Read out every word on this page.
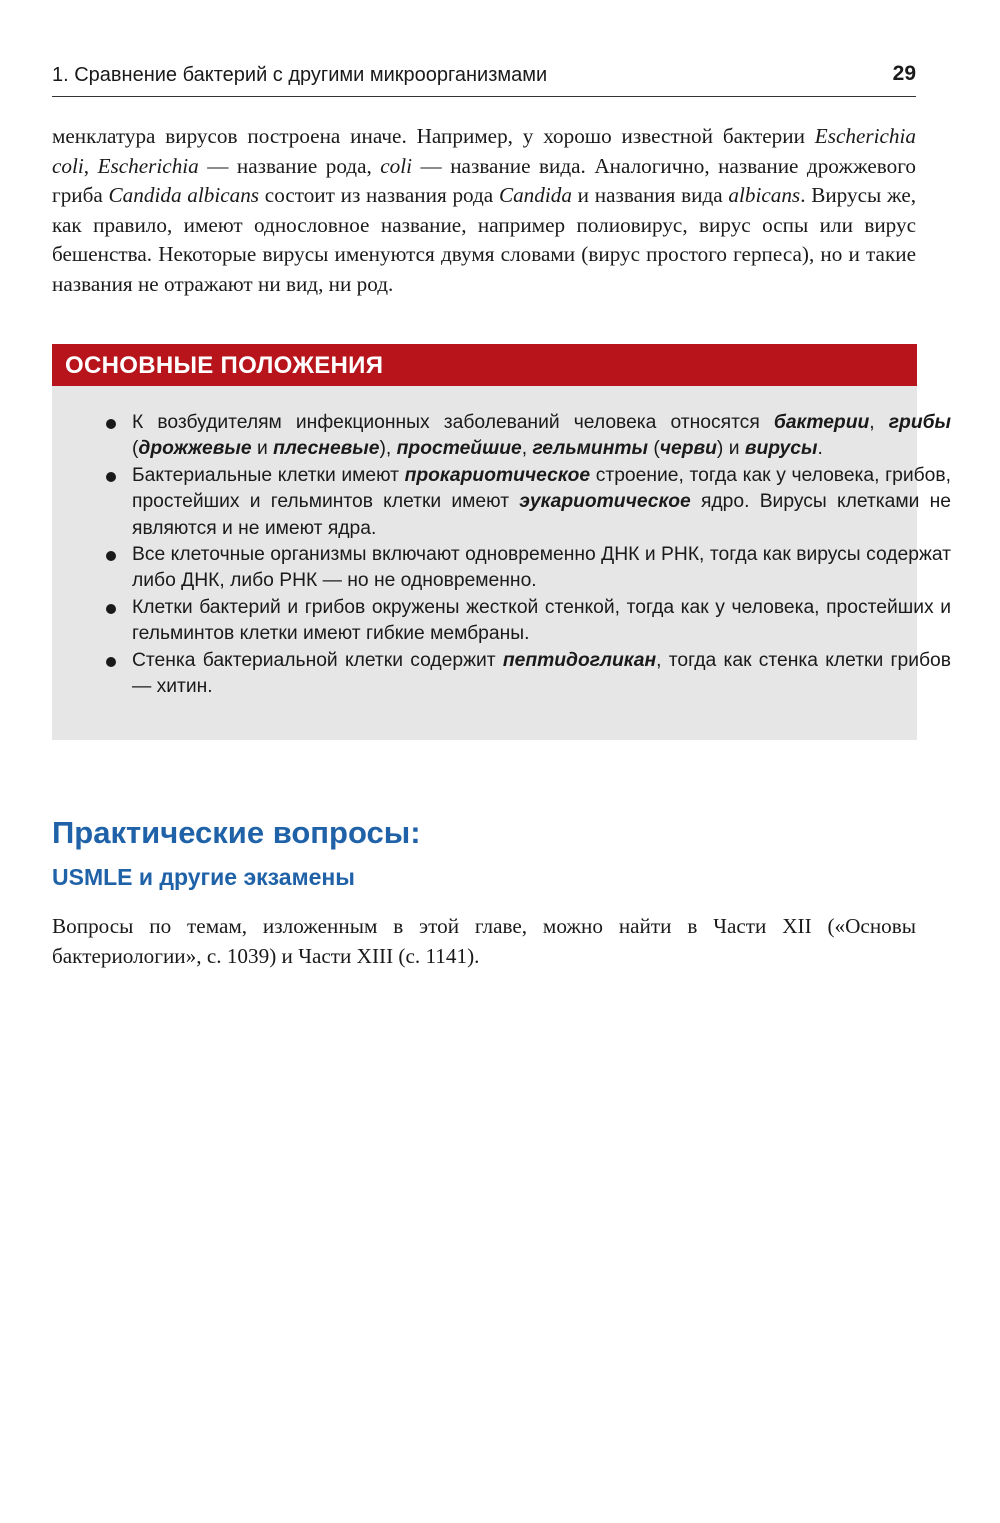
1. Сравнение бактерий с другими микроорганизмами	29

менклатура вирусов построена иначе. Например, у хорошо известной бактерии Escherichia coli, Escherichia — название рода, coli — название вида. Аналогично, название дрожжевого гриба Candida albicans состоит из названия рода Candida и названия вида albicans. Вирусы же, как правило, имеют однословное название, например полиовирус, вирус оспы или вирус бешенства. Некоторые вирусы именуются двумя словами (вирус простого герпеса), но и такие названия не отражают ни вид, ни род.

ОСНОВНЫЕ ПОЛОЖЕНИЯ
К возбудителям инфекционных заболеваний человека относятся бактерии, грибы (дрожжевые и плесневые), простейшие, гельминты (черви) и вирусы.
Бактериальные клетки имеют прокариотическое строение, тогда как у человека, грибов, простейших и гельминтов клетки имеют эукариотическое ядро. Вирусы клетками не являются и не имеют ядра.
Все клеточные организмы включают одновременно ДНК и РНК, тогда как вирусы содержат либо ДНК, либо РНК — но не одновременно.
Клетки бактерий и грибов окружены жесткой стенкой, тогда как у человека, простейших и гельминтов клетки имеют гибкие мембраны.
Стенка бактериальной клетки содержит пептидогликан, тогда как стенка клетки грибов — хитин.
Практические вопросы:
USMLE и другие экзамены

Вопросы по темам, изложенным в этой главе, можно найти в Части XII («Основы бактериологии», с. 1039) и Части XIII (с. 1141).
